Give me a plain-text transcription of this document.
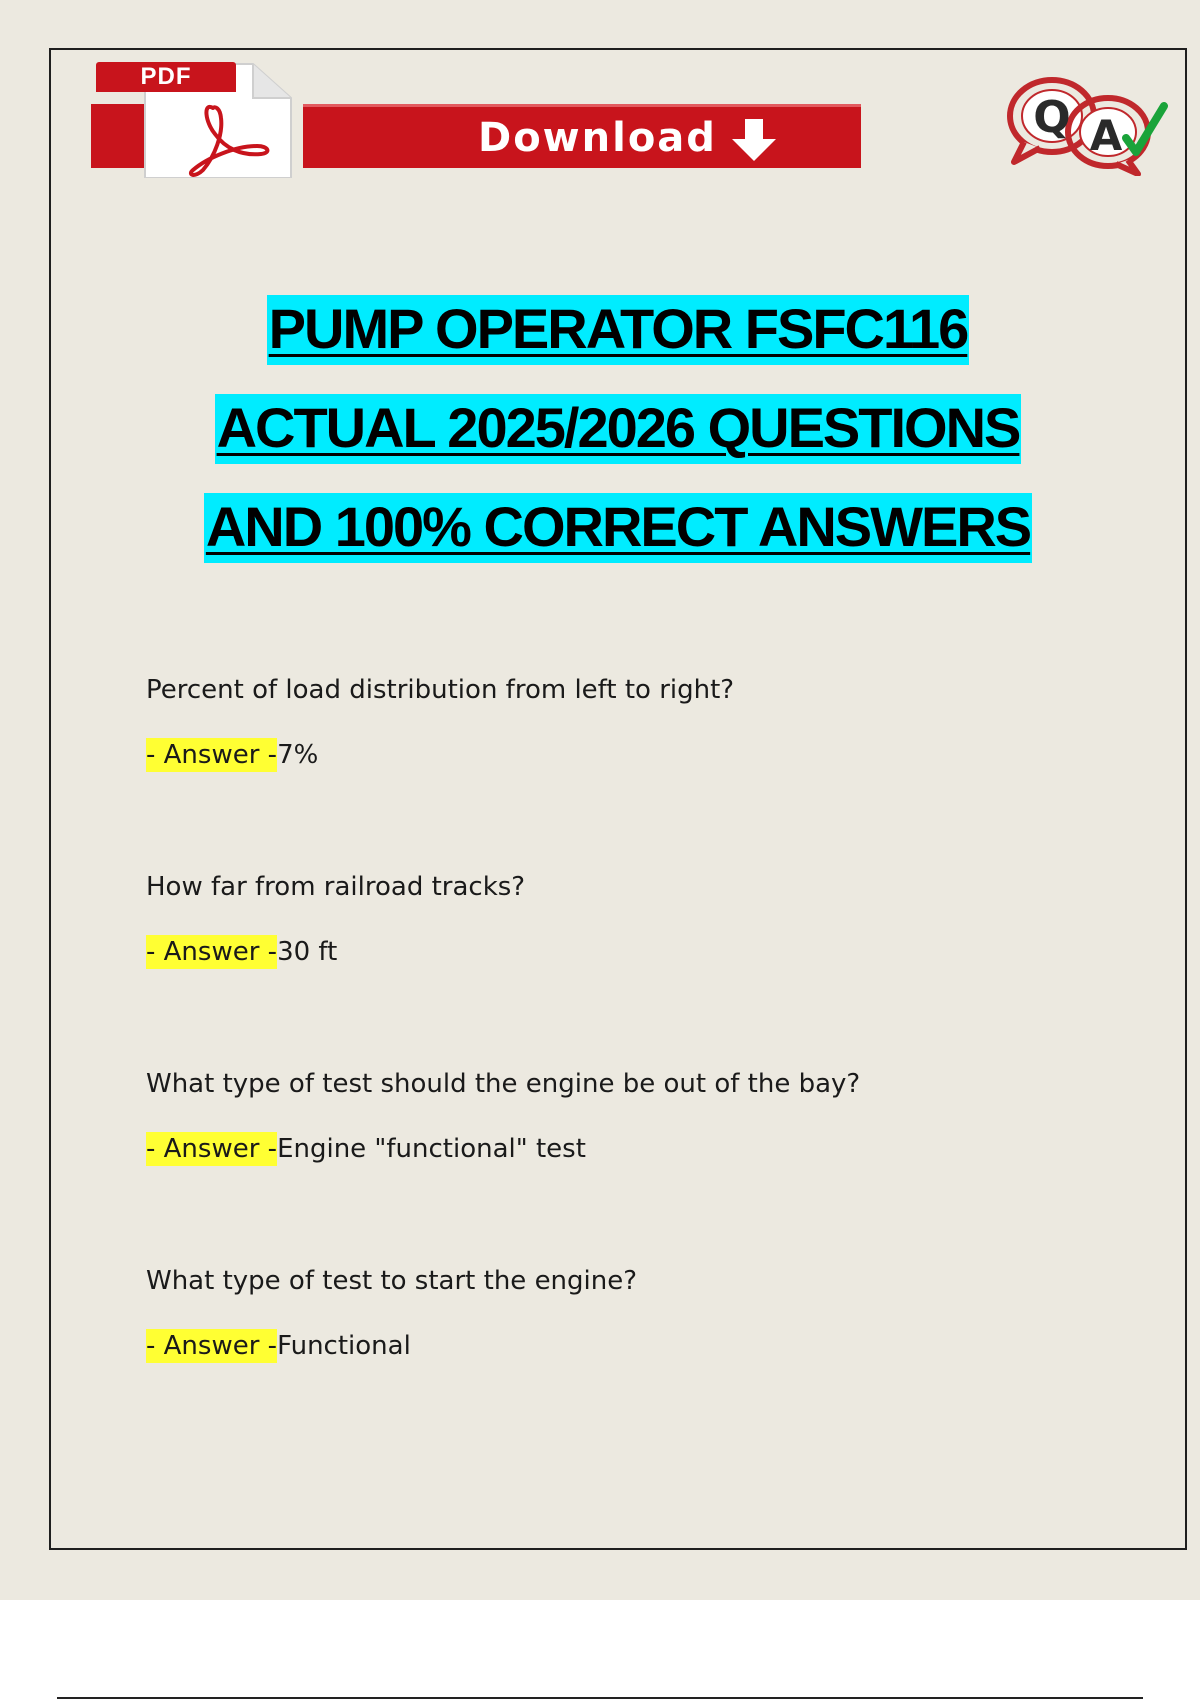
PDF
Download	Q A
PUMP OPERATOR FSFC116
ACTUAL 2025/2026 QUESTIONS
AND 100% CORRECT ANSWERS
Percent of load distribution from left to right?
- Answer -7%
How far from railroad tracks?
- Answer -30 ft
What type of test should the engine be out of the bay?
- Answer -Engine "functional" test
What type of test to start the engine?
- Answer -Functional
